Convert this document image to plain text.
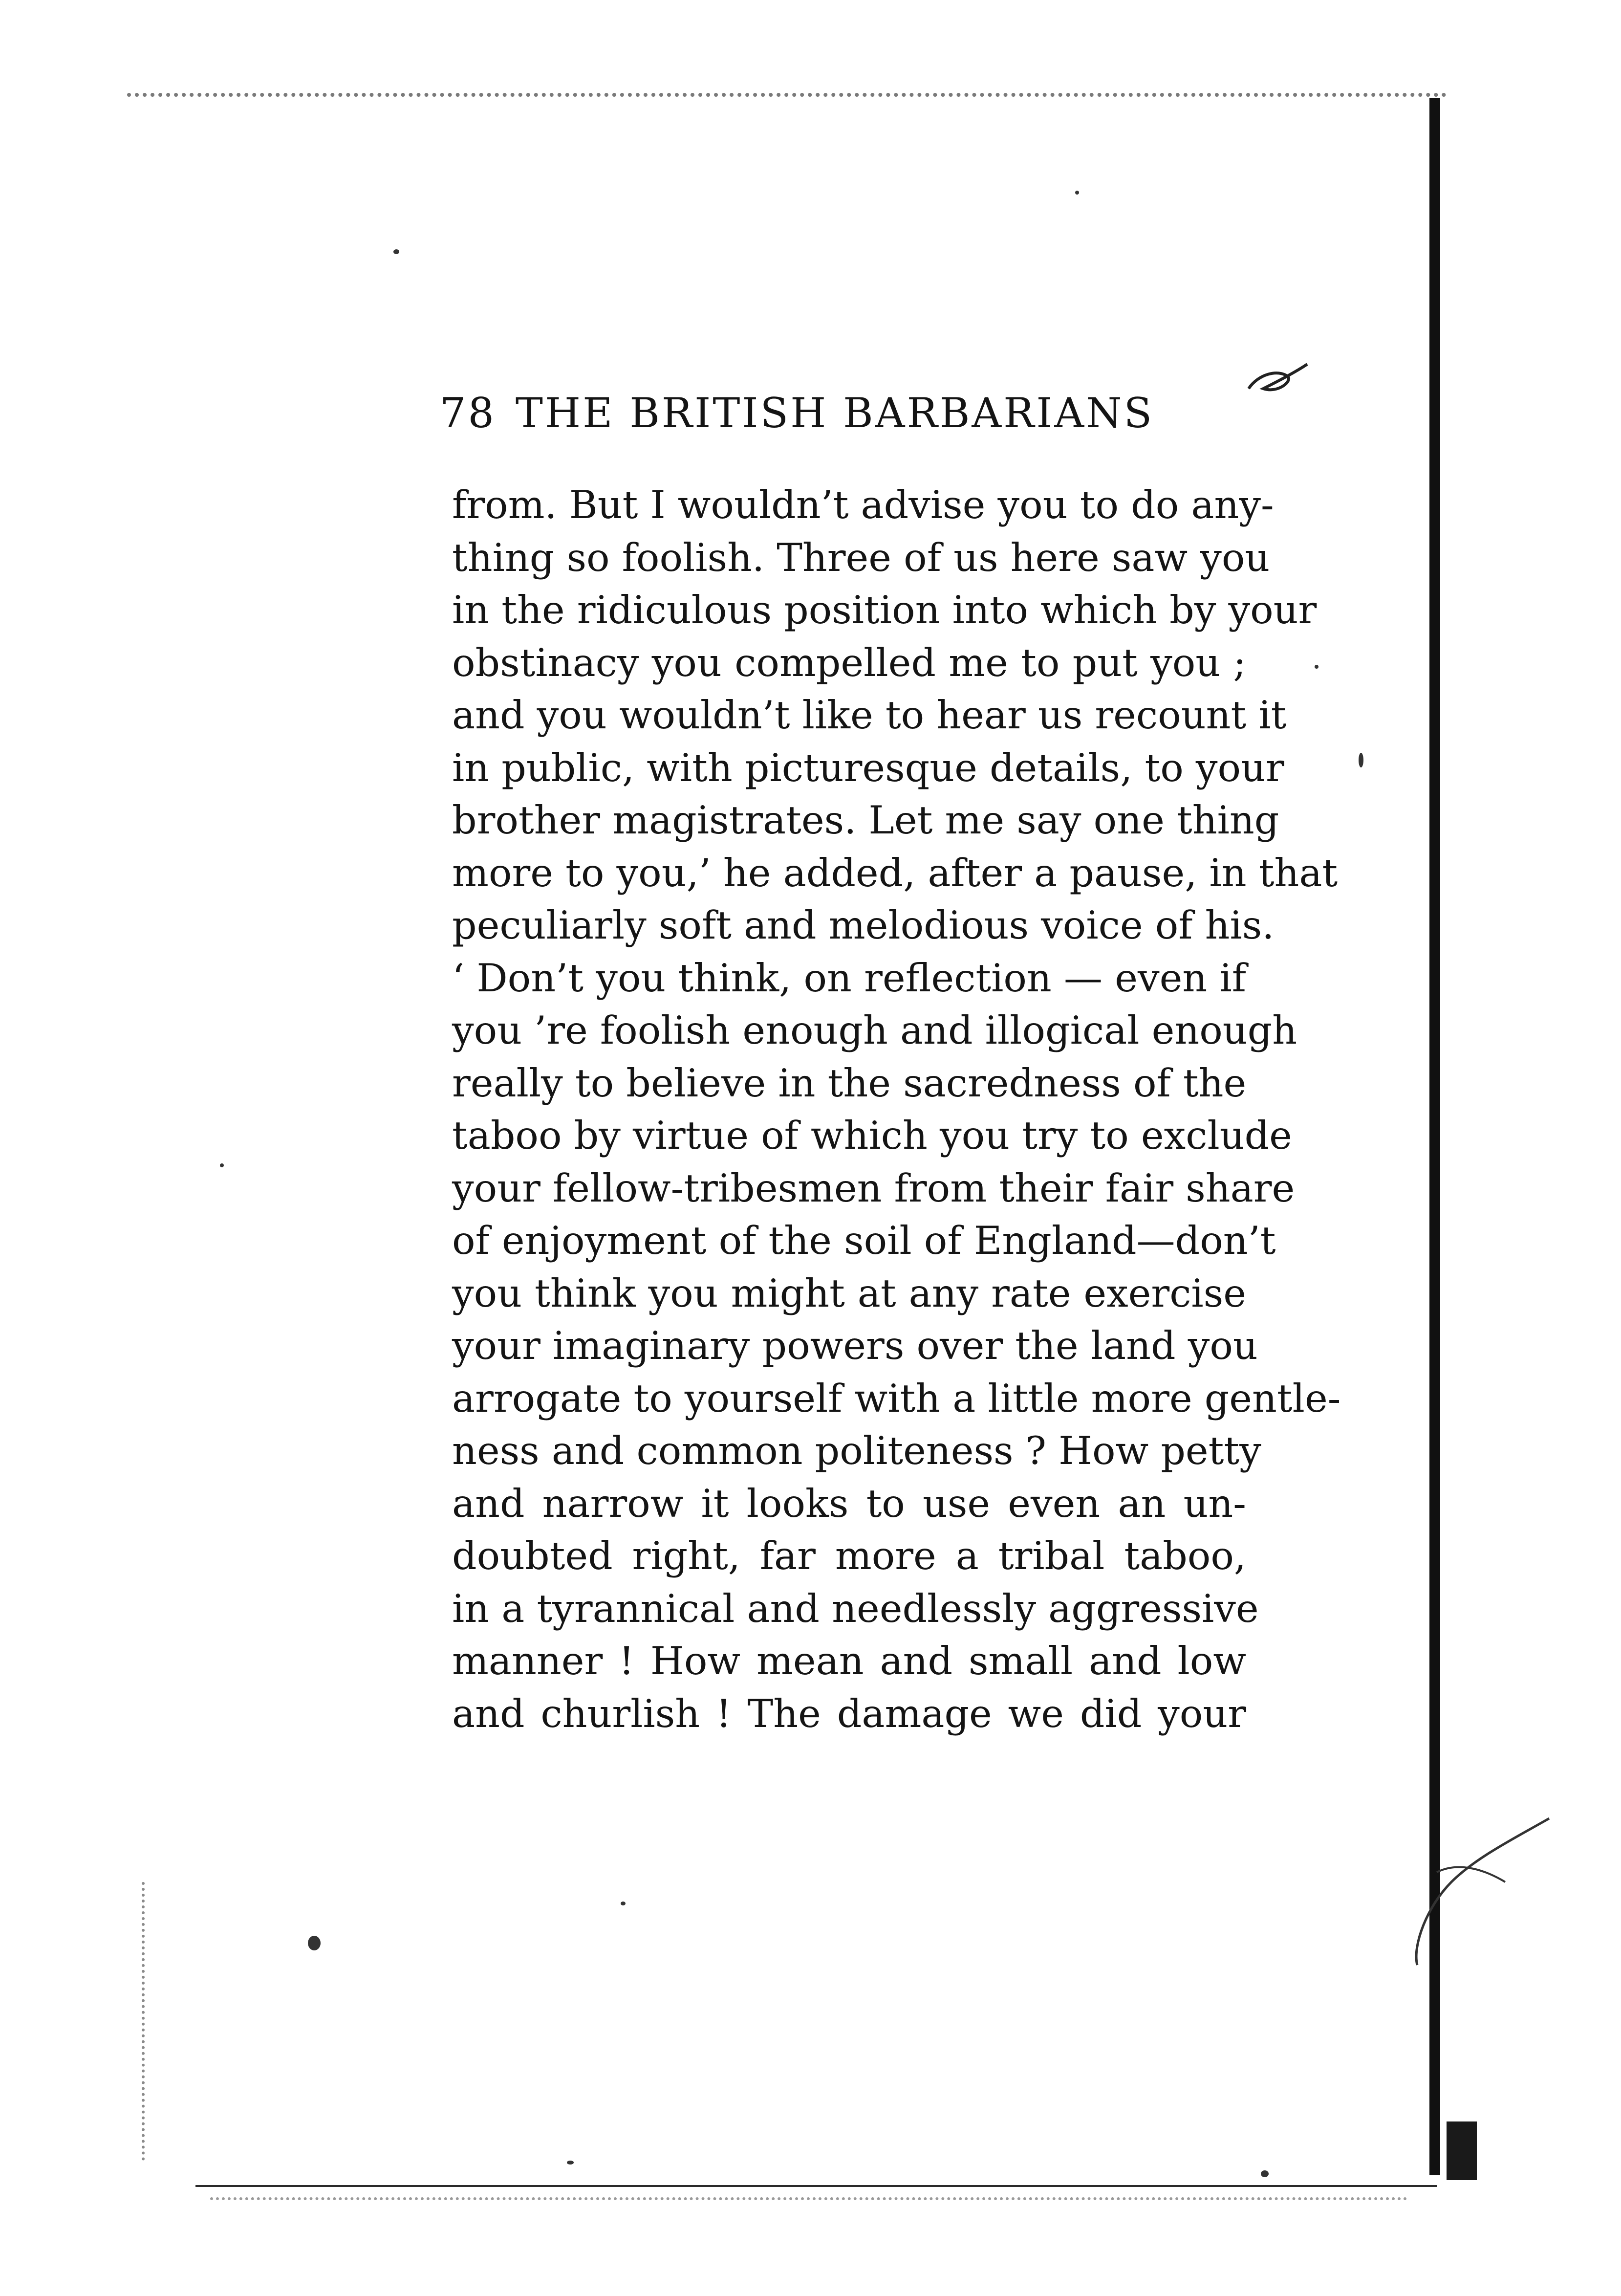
78 THE BRITISH BARBARIANS
from. But I wouldn’t advise you to do any-
thing so foolish. Three of us here saw you
in the ridiculous position into which by your
obstinacy you compelled me to put you ;
and you wouldn’t like to hear us recount it
in public, with picturesque details, to your
brother magistrates. Let me say one thing
more to you,’ he added, after a pause, in that
peculiarly soft and melodious voice of his.
‘ Don’t you think, on reflection — even if
you ’re foolish enough and illogical enough
really to believe in the sacredness of the
taboo by virtue of which you try to exclude
your fellow-tribesmen from their fair share
of enjoyment of the soil of England—don’t
you think you might at any rate exercise
your imaginary powers over the land you
arrogate to yourself with a little more gentle-
ness and common politeness ? How petty
and narrow it looks to use even an un-
doubted right, far more a tribal taboo,
in a tyrannical and needlessly aggressive
manner ! How mean and small and low
and churlish ! The damage we did your
